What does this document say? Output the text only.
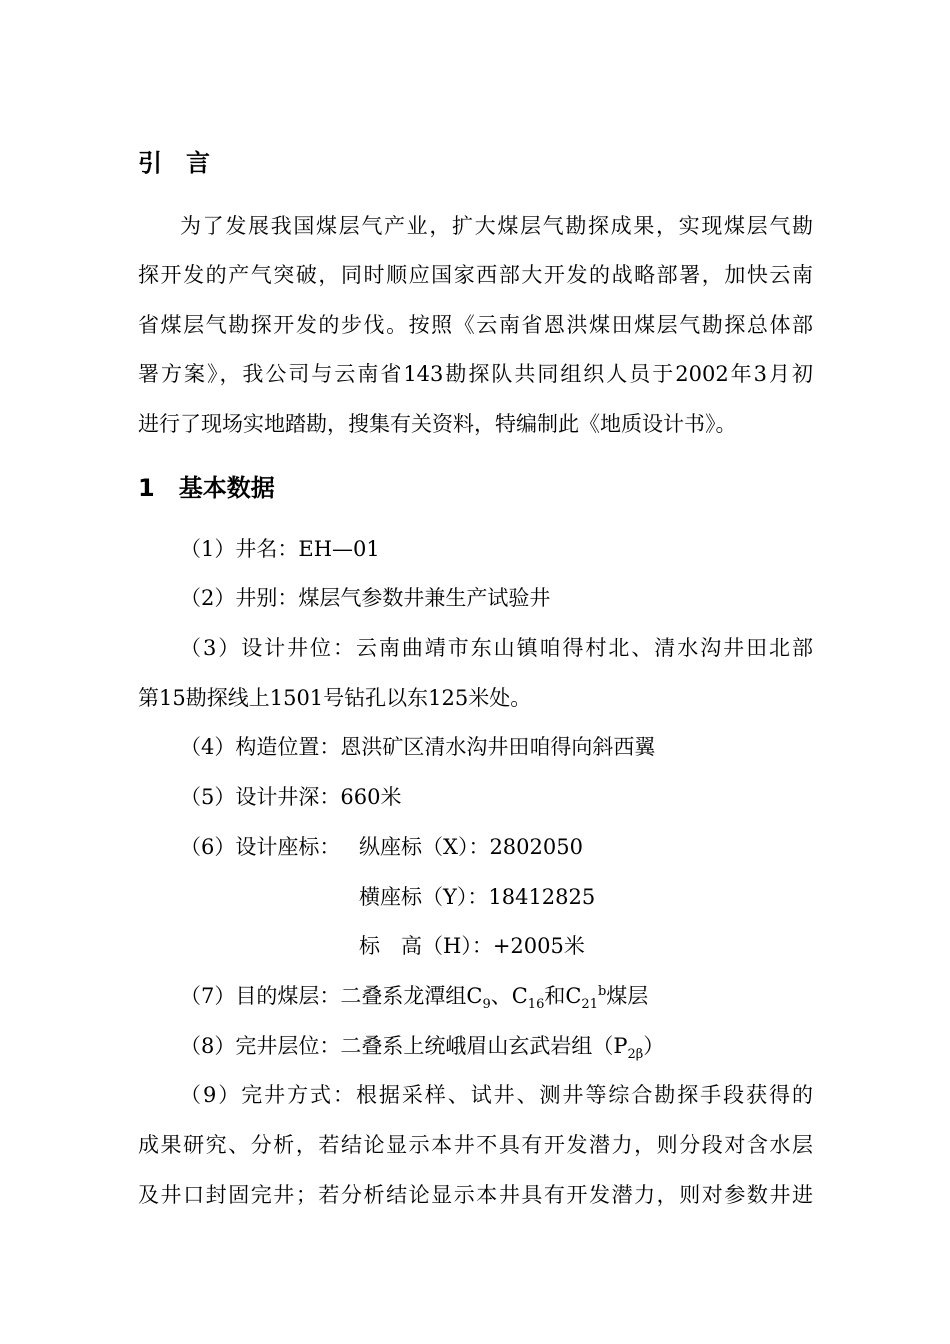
引　言
为了发展我国煤层气产业，扩大煤层气勘探成果，实现煤层气勘
探开发的产气突破，同时顺应国家西部大开发的战略部署，加快云南
省煤层气勘探开发的步伐。按照《云南省恩洪煤田煤层气勘探总体部
署方案》，我公司与云南省143勘探队共同组织人员于2002年3月初
进行了现场实地踏勘，搜集有关资料，特编制此《地质设计书》。
1　基本数据
（1）井名：EH—01
（2）井别：煤层气参数井兼生产试验井
（3）设计井位：云南曲靖市东山镇咱得村北、清水沟井田北部
第15勘探线上1501号钻孔以东125米处。
（4）构造位置：恩洪矿区清水沟井田咱得向斜西翼
（5）设计井深：660米
（6）设计座标： 纵座标（X）：2802050
横座标（Y）：18412825
标　高（H）：+2005米
（7）目的煤层：二叠系龙潭组$C_9$、$C_{16}$和$C_{21}^b$煤层
（8）完井层位：二叠系上统峨眉山玄武岩组$(P_{2\beta})$
（9）完井方式：根据采样、试井、测井等综合勘探手段获得的
成果研究、分析，若结论显示本井不具有开发潜力，则分段对含水层
及井口封固完井；若分析结论显示本井具有开发潜力，则对参数井进
